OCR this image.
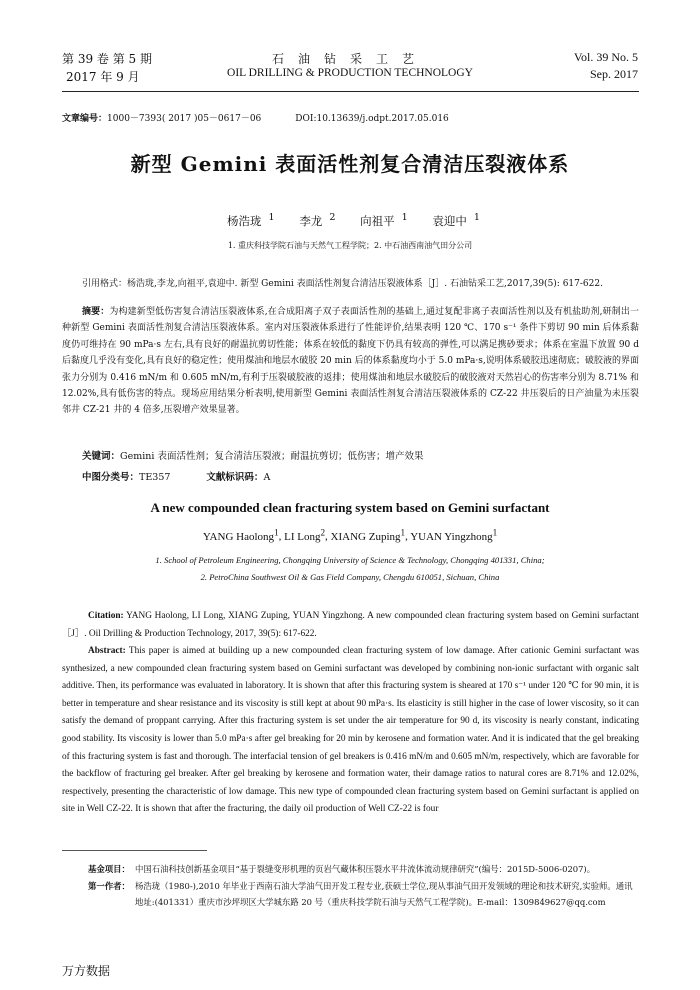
第 39 卷 第 5 期
2017 年 9 月
石油钻采工艺
OIL DRILLING & PRODUCTION TECHNOLOGY
Vol. 39 No. 5
Sep. 2017
文章编号：1000－7393( 2017 )05－0617－06	DOI:10.13639/j.odpt.2017.05.016
新型 Gemini 表面活性剂复合清洁压裂液体系
杨浩珑 $^1$ 李龙 $^2$ 向祖平 $^1$ 袁迎中 $^1$
1. 重庆科技学院石油与天然气工程学院；2. 中石油西南油气田分公司
引用格式：杨浩珑,李龙,向祖平,袁迎中. 新型 Gemini 表面活性剂复合清洁压裂液体系［J］. 石油钻采工艺,2017,39(5): 617-622.
摘要：为构建新型低伤害复合清洁压裂液体系,在合成阳离子双子表面活性剂的基础上,通过复配非离子表面活性剂以及有机盐助剂,研制出一种新型 Gemini 表面活性剂复合清洁压裂液体系。室内对压裂液体系进行了性能评价,结果表明 120 ℃、170 s⁻¹ 条件下剪切 90 min 后体系黏度仍可维持在 90 mPa·s 左右,具有良好的耐温抗剪切性能；体系在较低的黏度下仍具有较高的弹性,可以满足携砂要求；体系在室温下放置 90 d 后黏度几乎没有变化,具有良好的稳定性；使用煤油和地层水破胶 20 min 后的体系黏度均小于 5.0 mPa·s,说明体系破胶迅速彻底；破胶液的界面张力分别为 0.416 mN/m 和 0.605 mN/m,有利于压裂破胶液的返排；使用煤油和地层水破胶后的破胶液对天然岩心的伤害率分别为 8.71% 和 12.02%,具有低伤害的特点。现场应用结果分析表明,使用新型 Gemini 表面活性剂复合清洁压裂液体系的 CZ-22 井压裂后的日产油量为未压裂邻井 CZ-21 井的 4 倍多,压裂增产效果显著。
关键词：Gemini 表面活性剂；复合清洁压裂液；耐温抗剪切；低伤害；增产效果
中图分类号：TE357	文献标识码：A
A new compounded clean fracturing system based on Gemini surfactant
YANG Haolong$^1$, LI Long$^2$, XIANG Zuping$^1$, YUAN Yingzhong$^1$
1. School of Petroleum Engineering, Chongqing University of Science & Technology, Chongqing 401331, China;
2. PetroChina Southwest Oil & Gas Field Company, Chengdu 610051, Sichuan, China
Citation: YANG Haolong, LI Long, XIANG Zuping, YUAN Yingzhong. A new compounded clean fracturing system based on Gemini surfactant［J］. Oil Drilling & Production Technology, 2017, 39(5): 617-622.
Abstract: This paper is aimed at building up a new compounded clean fracturing system of low damage. After cationic Gemini surfactant was synthesized, a new compounded clean fracturing system based on Gemini surfactant was developed by combining non-ionic surfactant with organic salt additive. Then, its performance was evaluated in laboratory. It is shown that after this fracturing system is sheared at 170 s⁻¹ under 120 ℃ for 90 min, it is better in temperature and shear resistance and its viscosity is still kept at about 90 mPa·s. Its elasticity is still higher in the case of lower viscosity, so it can satisfy the demand of proppant carrying. After this fracturing system is set under the air temperature for 90 d, its viscosity is nearly constant, indicating good stability. Its viscosity is lower than 5.0 mPa·s after gel breaking for 20 min by kerosene and formation water. And it is indicated that the gel breaking of this fracturing system is fast and thorough. The interfacial tension of gel breakers is 0.416 mN/m and 0.605 mN/m, respectively, which are favorable for the backflow of fracturing gel breaker. After gel breaking by kerosene and formation water, their damage ratios to natural cores are 8.71% and 12.02%, respectively, presenting the characteristic of low damage. This new type of compounded clean fracturing system based on Gemini surfactant is applied on site in Well CZ-22. It is shown that after the fracturing, the daily oil production of Well CZ-22 is four
基金项目： 中国石油科技创新基金项目“基于裂缝变形机理的页岩气藏体积压裂水平井流体流动规律研究”(编号：2015D-5006-0207)。
第一作者： 杨浩珑（1980-),2010 年毕业于西南石油大学油气田开发工程专业,获硕士学位,现从事油气田开发领域的理论和技术研究,实验师。通讯地址:(401331）重庆市沙坪坝区大学城东路 20 号（重庆科技学院石油与天然气工程学院)。E-mail：1309849627@qq.com
万方数据
